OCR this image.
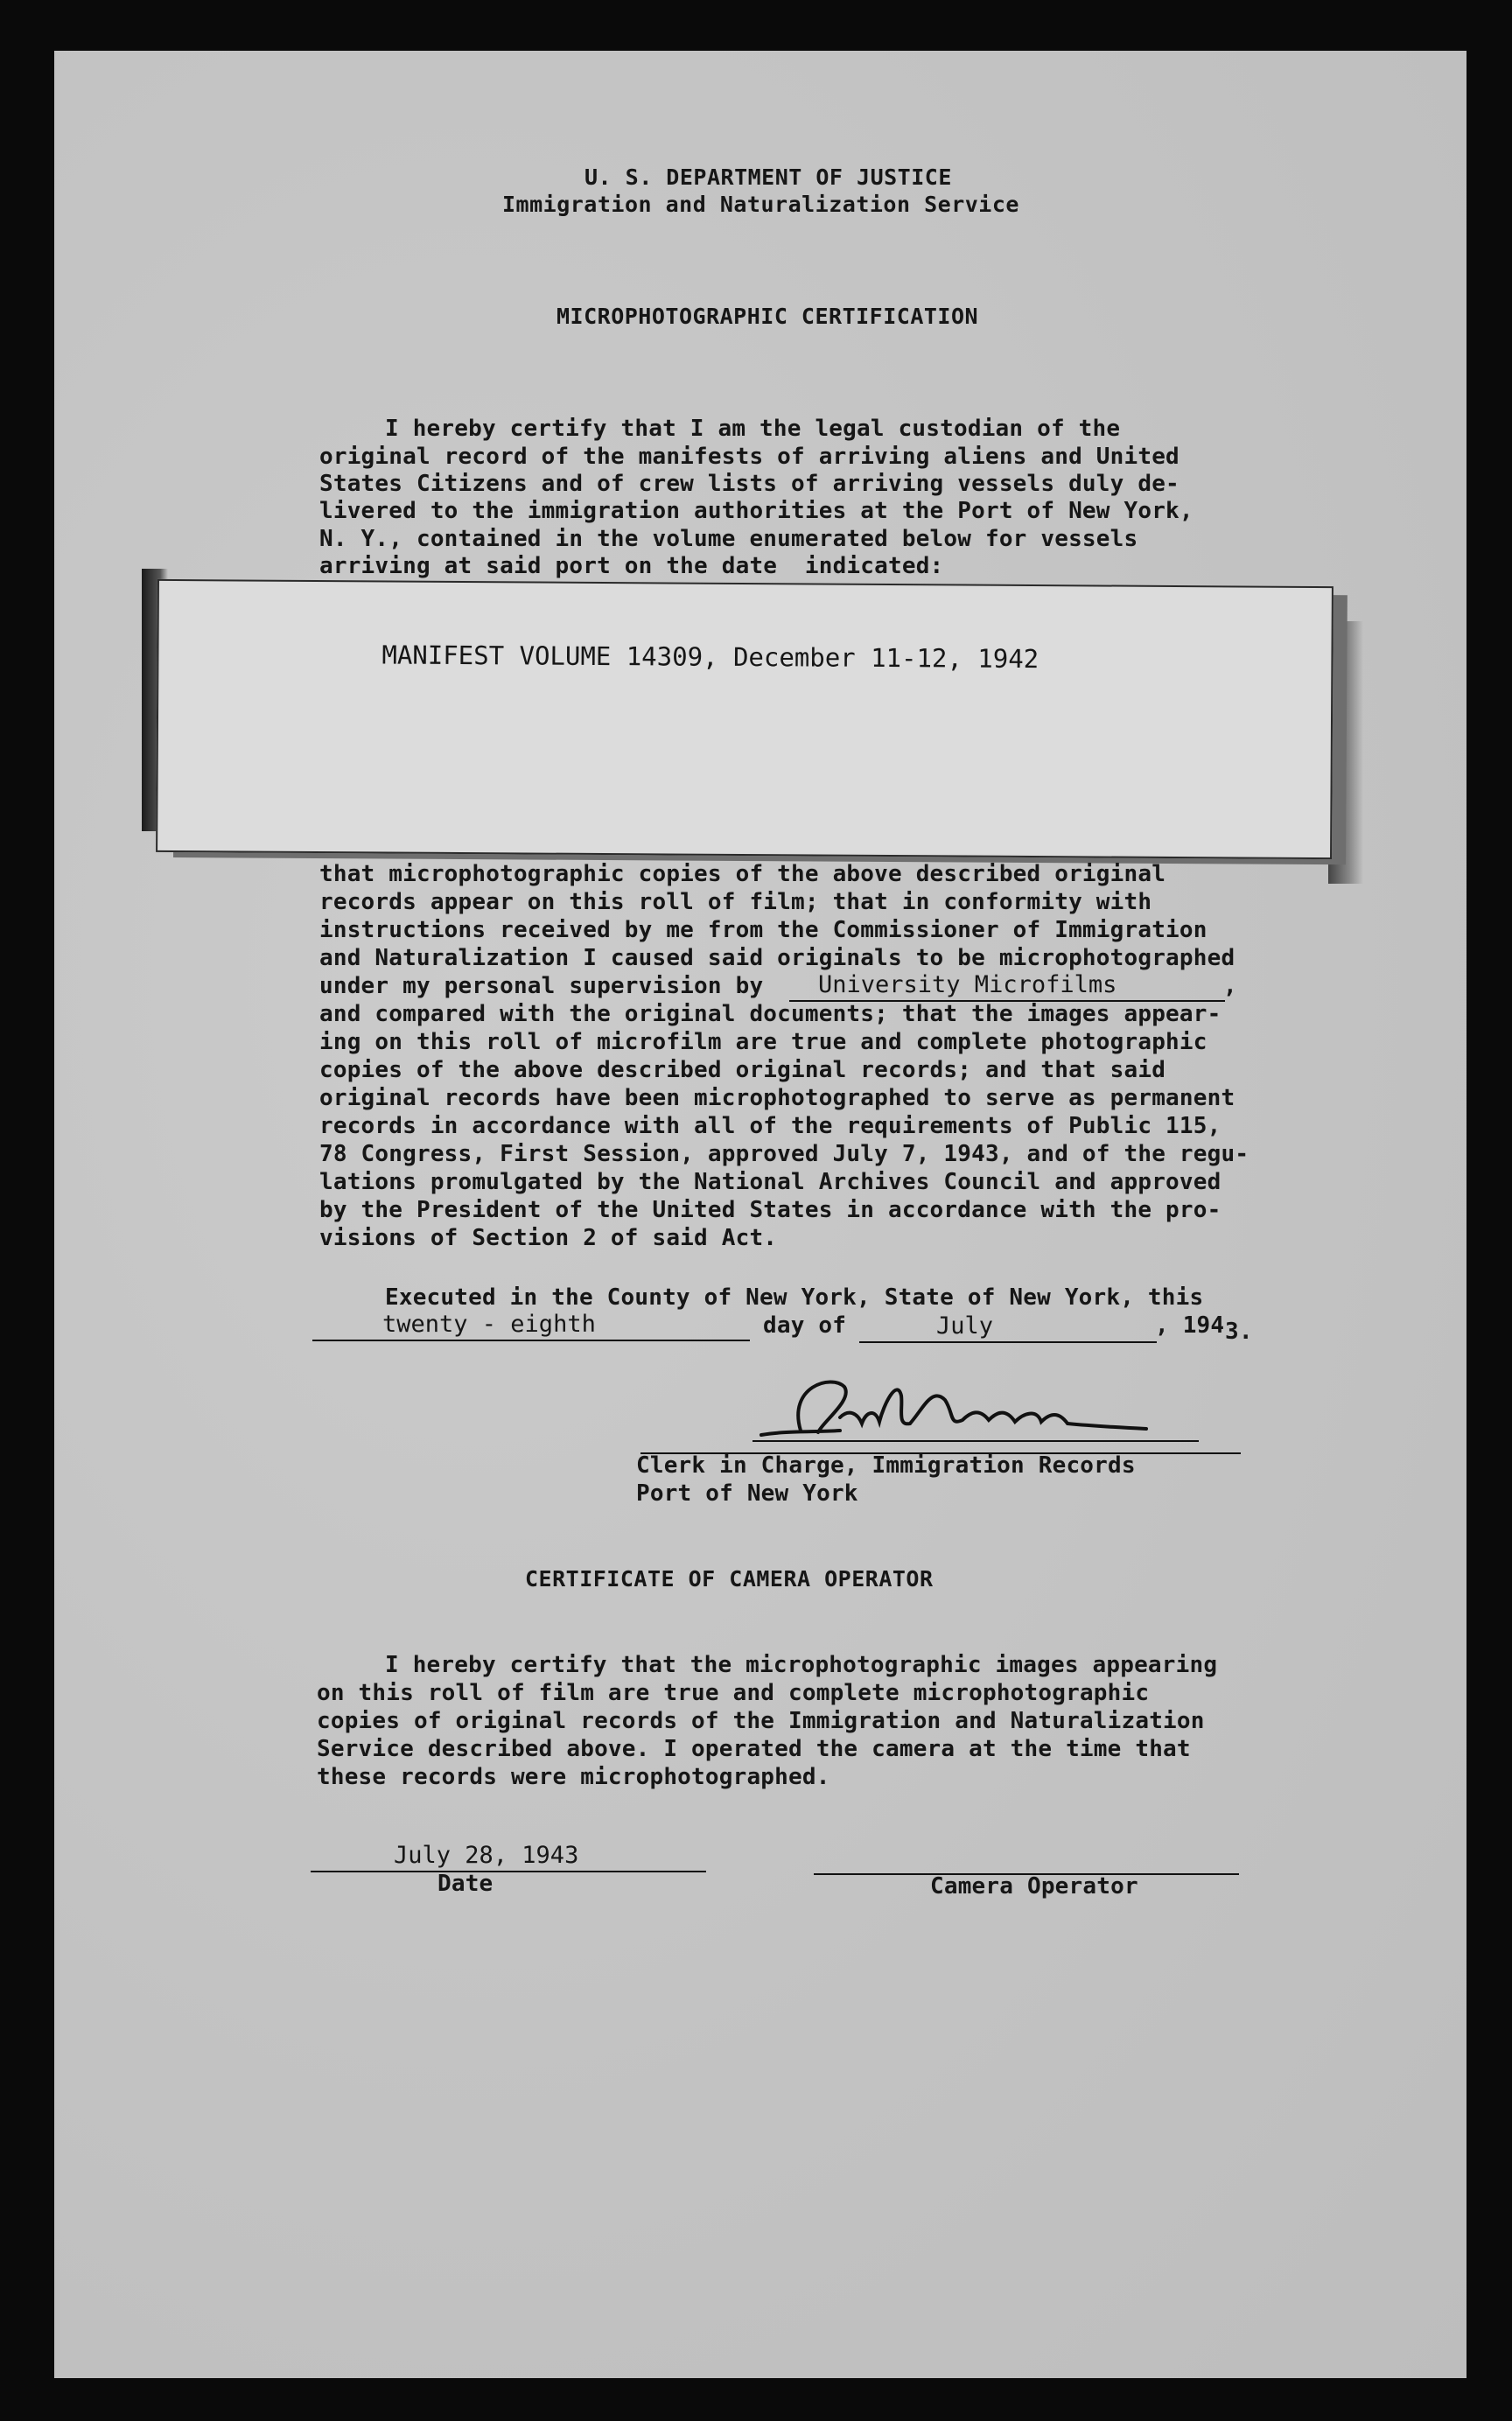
U. S. DEPARTMENT OF JUSTICE
Immigration and Naturalization Service
MICROPHOTOGRAPHIC CERTIFICATION
I hereby certify that I am the legal custodian of the
original record of the manifests of arriving aliens and United
States Citizens and of crew lists of arriving vessels duly de-
livered to the immigration authorities at the Port of New York,
N. Y., contained in the volume enumerated below for vessels
arriving at said port on the date  indicated:
MANIFEST VOLUME 14309, December 11-12, 1942
that microphotographic copies of the above described original
records appear on this roll of film; that in conformity with
instructions received by me from the Commissioner of Immigration
and Naturalization I caused said originals to be microphotographed
under my personal supervision by University Microfilms	,
and compared with the original documents; that the images appear-
ing on this roll of microfilm are true and complete photographic
copies of the above described original records; and that said
original records have been microphotographed to serve as permanent
records in accordance with all of the requirements of Public 115,
78 Congress, First Session, approved July 7, 1943, and of the regu-
lations promulgated by the National Archives Council and approved
by the President of the United States in accordance with the pro-
visions of Section 2 of said Act.
Executed in the County of New York, State of New York, this
twenty - eighth	day of	July	, 194 3.
Clerk in Charge, Immigration Records
Port of New York
CERTIFICATE OF CAMERA OPERATOR
I hereby certify that the microphotographic images appearing
on this roll of film are true and complete microphotographic
copies of original records of the Immigration and Naturalization
Service described above. I operated the camera at the time that
these records were microphotographed.
July 28, 1943
Date	Camera Operator
